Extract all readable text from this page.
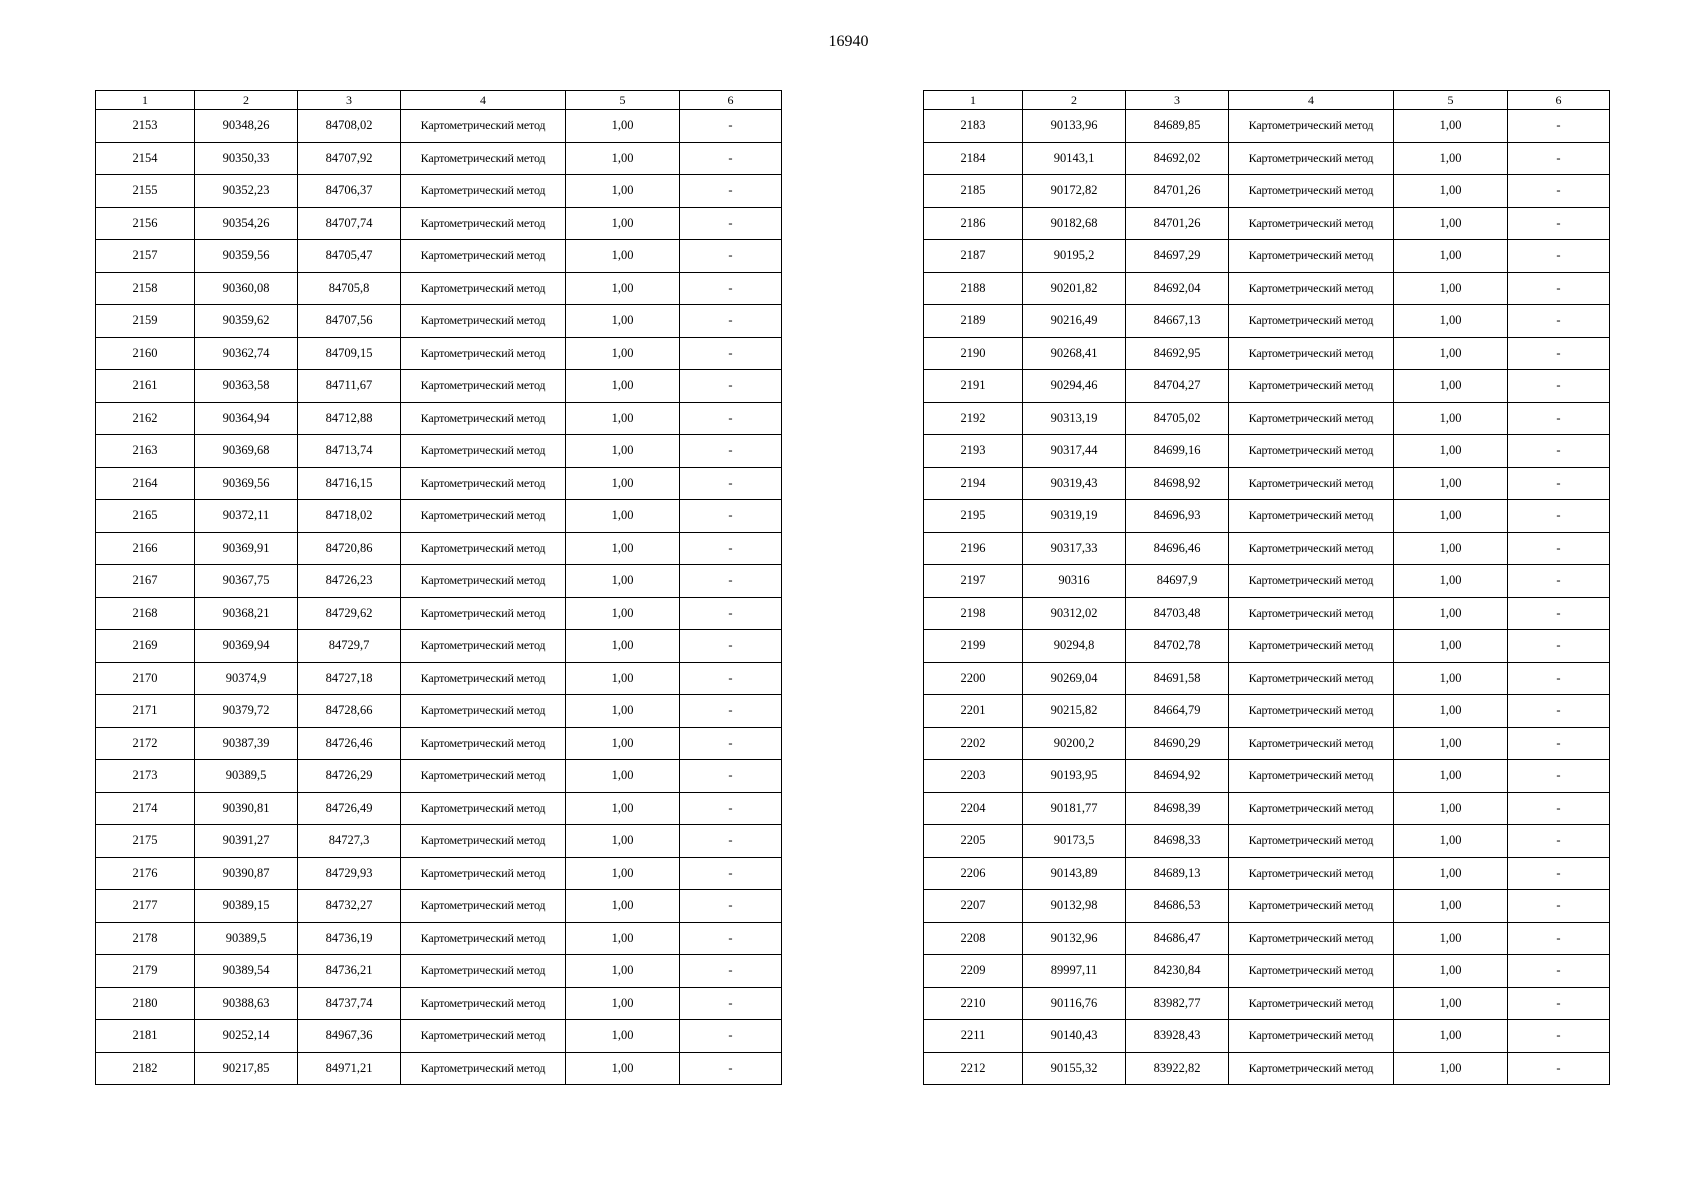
16940
1	2	3	4	5	6
2153	90348,26	84708,02	Картометрический метод	1,00	-
2154	90350,33	84707,92	Картометрический метод	1,00	-
2155	90352,23	84706,37	Картометрический метод	1,00	-
2156	90354,26	84707,74	Картометрический метод	1,00	-
2157	90359,56	84705,47	Картометрический метод	1,00	-
2158	90360,08	84705,8	Картометрический метод	1,00	-
2159	90359,62	84707,56	Картометрический метод	1,00	-
2160	90362,74	84709,15	Картометрический метод	1,00	-
2161	90363,58	84711,67	Картометрический метод	1,00	-
2162	90364,94	84712,88	Картометрический метод	1,00	-
2163	90369,68	84713,74	Картометрический метод	1,00	-
2164	90369,56	84716,15	Картометрический метод	1,00	-
2165	90372,11	84718,02	Картометрический метод	1,00	-
2166	90369,91	84720,86	Картометрический метод	1,00	-
2167	90367,75	84726,23	Картометрический метод	1,00	-
2168	90368,21	84729,62	Картометрический метод	1,00	-
2169	90369,94	84729,7	Картометрический метод	1,00	-
2170	90374,9	84727,18	Картометрический метод	1,00	-
2171	90379,72	84728,66	Картометрический метод	1,00	-
2172	90387,39	84726,46	Картометрический метод	1,00	-
2173	90389,5	84726,29	Картометрический метод	1,00	-
2174	90390,81	84726,49	Картометрический метод	1,00	-
2175	90391,27	84727,3	Картометрический метод	1,00	-
2176	90390,87	84729,93	Картометрический метод	1,00	-
2177	90389,15	84732,27	Картометрический метод	1,00	-
2178	90389,5	84736,19	Картометрический метод	1,00	-
2179	90389,54	84736,21	Картометрический метод	1,00	-
2180	90388,63	84737,74	Картометрический метод	1,00	-
2181	90252,14	84967,36	Картометрический метод	1,00	-
2182	90217,85	84971,21	Картометрический метод	1,00	-
1	2	3	4	5	6
2183	90133,96	84689,85	Картометрический метод	1,00	-
2184	90143,1	84692,02	Картометрический метод	1,00	-
2185	90172,82	84701,26	Картометрический метод	1,00	-
2186	90182,68	84701,26	Картометрический метод	1,00	-
2187	90195,2	84697,29	Картометрический метод	1,00	-
2188	90201,82	84692,04	Картометрический метод	1,00	-
2189	90216,49	84667,13	Картометрический метод	1,00	-
2190	90268,41	84692,95	Картометрический метод	1,00	-
2191	90294,46	84704,27	Картометрический метод	1,00	-
2192	90313,19	84705,02	Картометрический метод	1,00	-
2193	90317,44	84699,16	Картометрический метод	1,00	-
2194	90319,43	84698,92	Картометрический метод	1,00	-
2195	90319,19	84696,93	Картометрический метод	1,00	-
2196	90317,33	84696,46	Картометрический метод	1,00	-
2197	90316	84697,9	Картометрический метод	1,00	-
2198	90312,02	84703,48	Картометрический метод	1,00	-
2199	90294,8	84702,78	Картометрический метод	1,00	-
2200	90269,04	84691,58	Картометрический метод	1,00	-
2201	90215,82	84664,79	Картометрический метод	1,00	-
2202	90200,2	84690,29	Картометрический метод	1,00	-
2203	90193,95	84694,92	Картометрический метод	1,00	-
2204	90181,77	84698,39	Картометрический метод	1,00	-
2205	90173,5	84698,33	Картометрический метод	1,00	-
2206	90143,89	84689,13	Картометрический метод	1,00	-
2207	90132,98	84686,53	Картометрический метод	1,00	-
2208	90132,96	84686,47	Картометрический метод	1,00	-
2209	89997,11	84230,84	Картометрический метод	1,00	-
2210	90116,76	83982,77	Картометрический метод	1,00	-
2211	90140,43	83928,43	Картометрический метод	1,00	-
2212	90155,32	83922,82	Картометрический метод	1,00	-
